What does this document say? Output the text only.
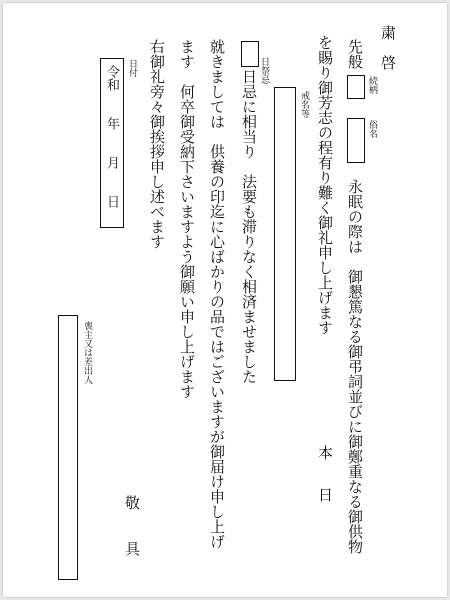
粛　啓
先般
続柄
俗名
永眠の際は　御懇篤なる御弔詞並びに御鄭重なる御供物
を賜り御芳志の程有り難く御礼申し上げます
本　日
戒名等
日祭忌
日忌に相当り　法要も滞りなく相済ませました
就きましては　供養の印迄に心ばかりの品ではございますが御届け申し上げ
ます　何卒御受納下さいますよう御願い申し上げます
右御礼旁々御挨拶申し述べます
日付
令和　　年　　月　　日
喪主又は差出人
敬　具
